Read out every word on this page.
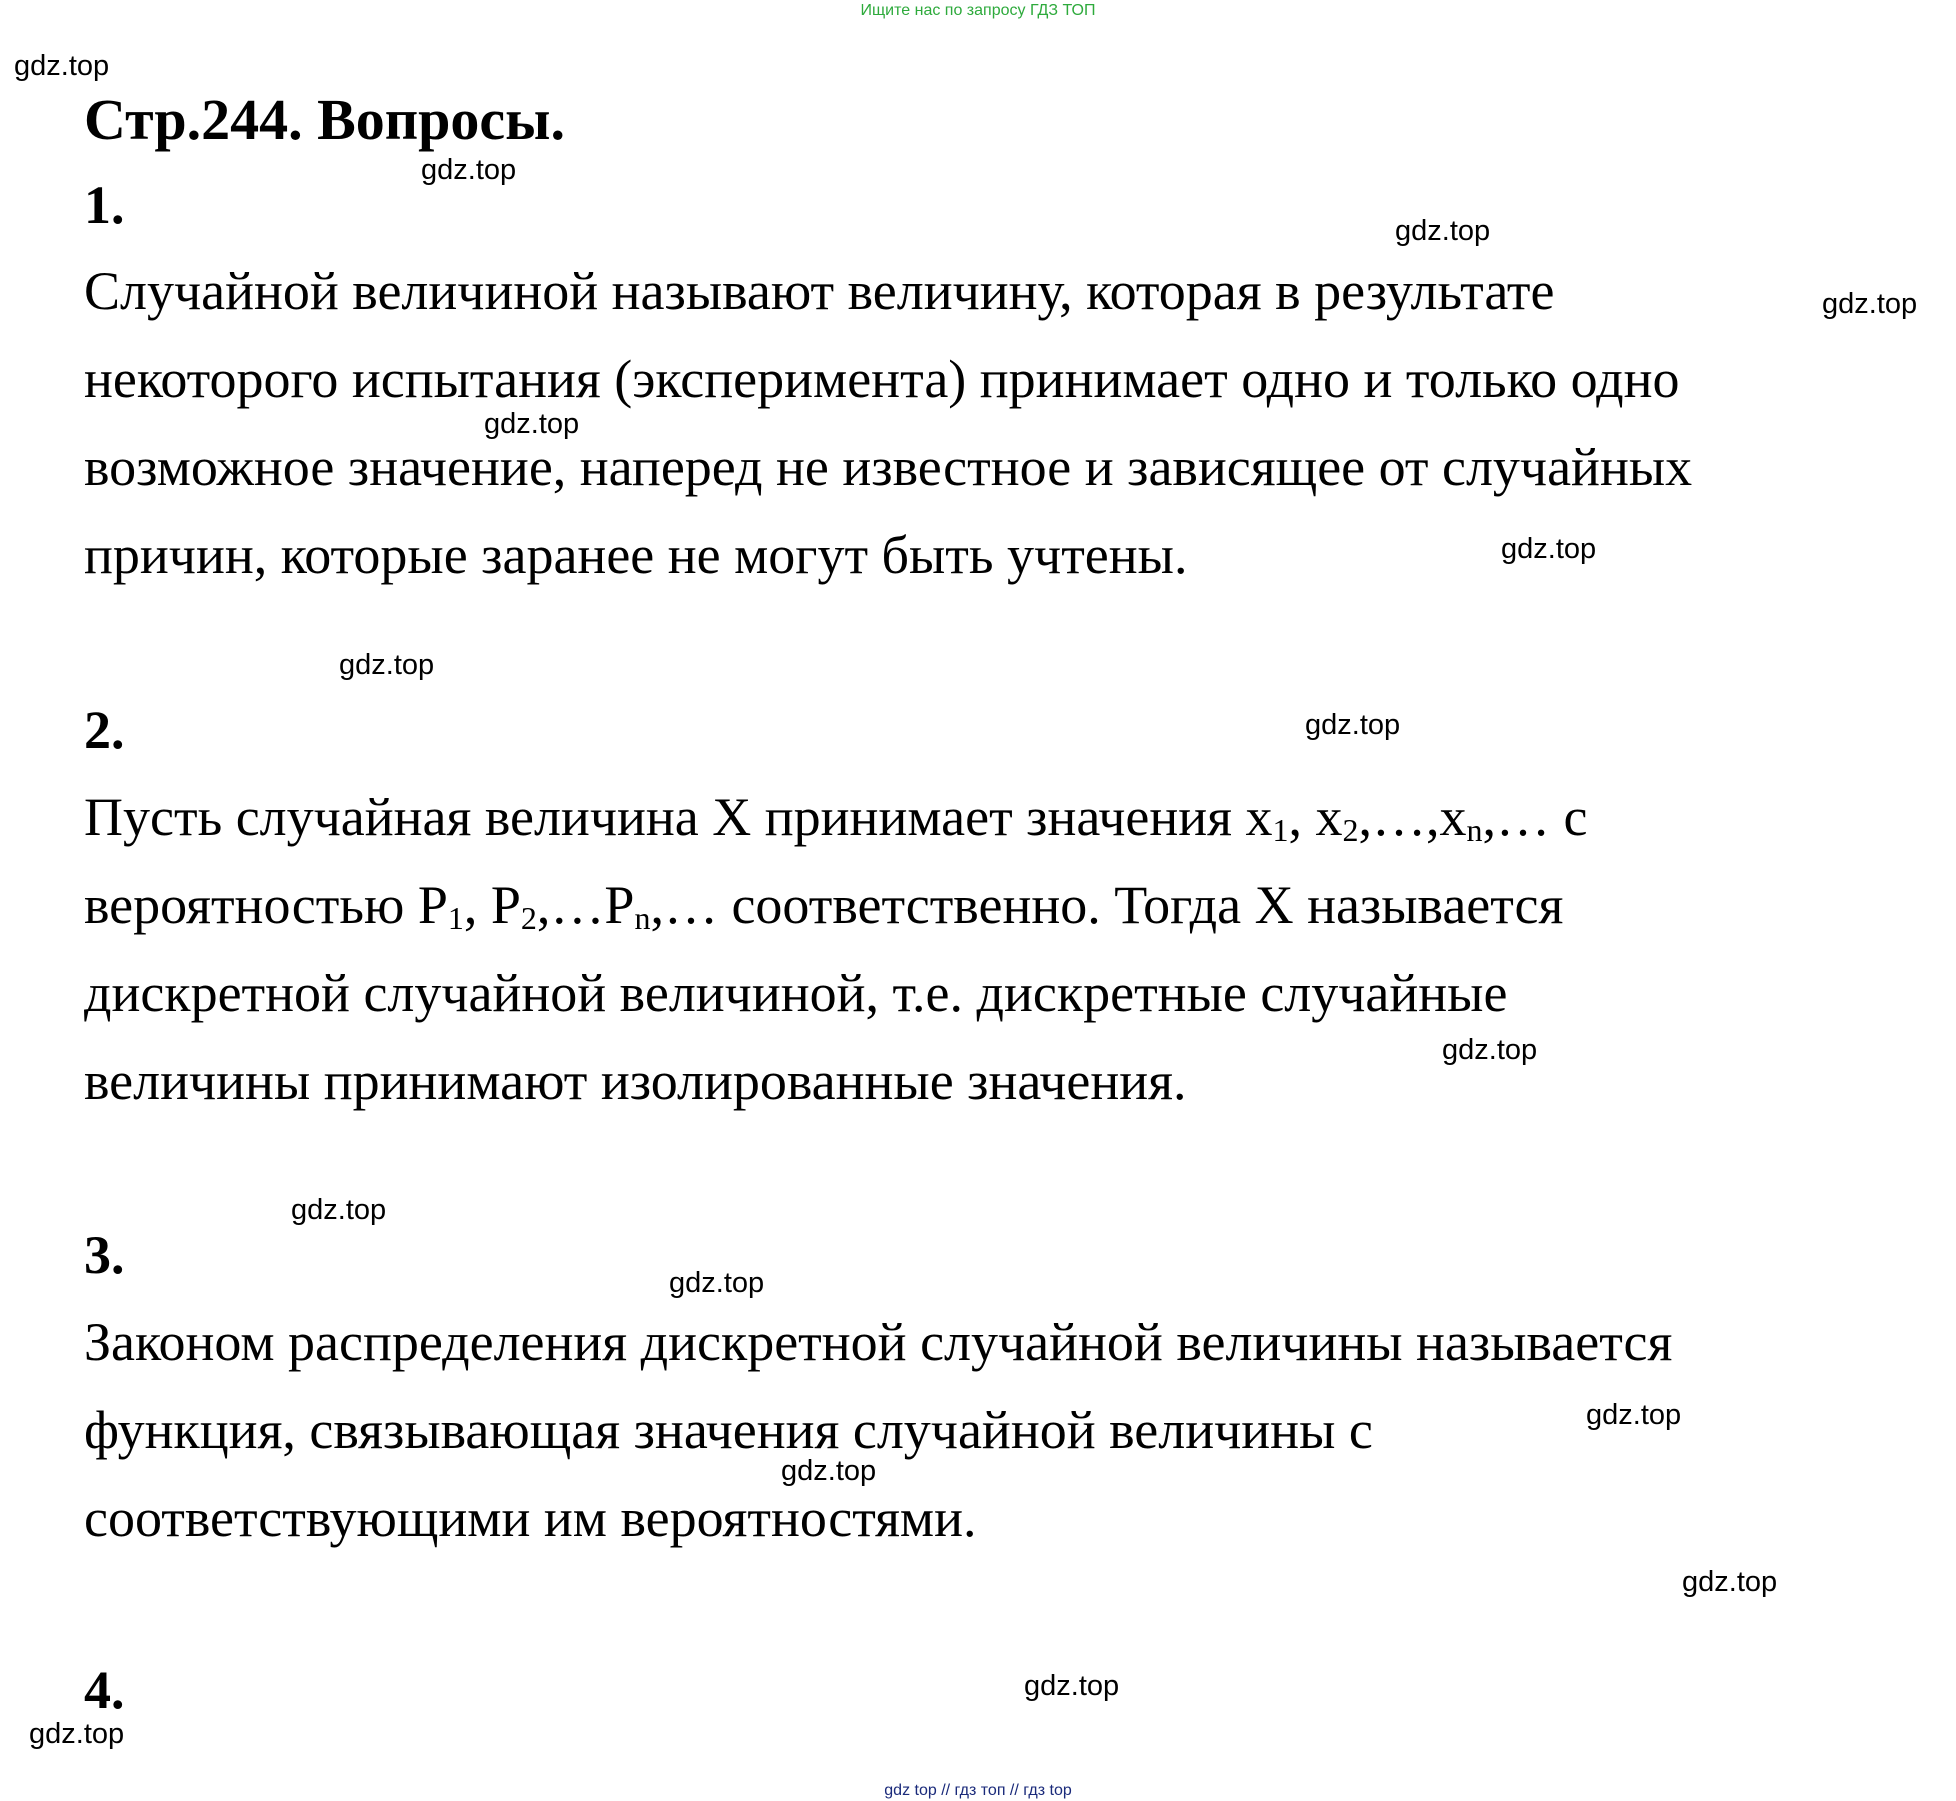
Ищите нас по запросу ГДЗ ТОП
Стр.244. Вопросы.
1.
Случайной величиной называют величину, которая в результате
некоторого испытания (эксперимента) принимает одно и только одно
возможное значение, наперед не известное и зависящее от случайных
причин, которые заранее не могут быть учтены.
2.
Пусть случайная величина X принимает значения $x_1$, $x_2,\dots,x_n,\dots$ с
вероятностью $P_1$, $P_2,\dots P_n,\dots$ соответственно. Тогда X называется
дискретной случайной величиной, т.е. дискретные случайные
величины принимают изолированные значения.
3.
Законом распределения дискретной случайной величины называется
функция, связывающая значения случайной величины с
соответствующими им вероятностями.
4.
gdz.top
gdz.top
gdz.top
gdz.top
gdz.top
gdz.top
gdz.top
gdz.top
gdz.top
gdz.top
gdz.top
gdz.top
gdz.top
gdz.top
gdz.top
gdz.top
gdz top // гдз топ // гдз top
